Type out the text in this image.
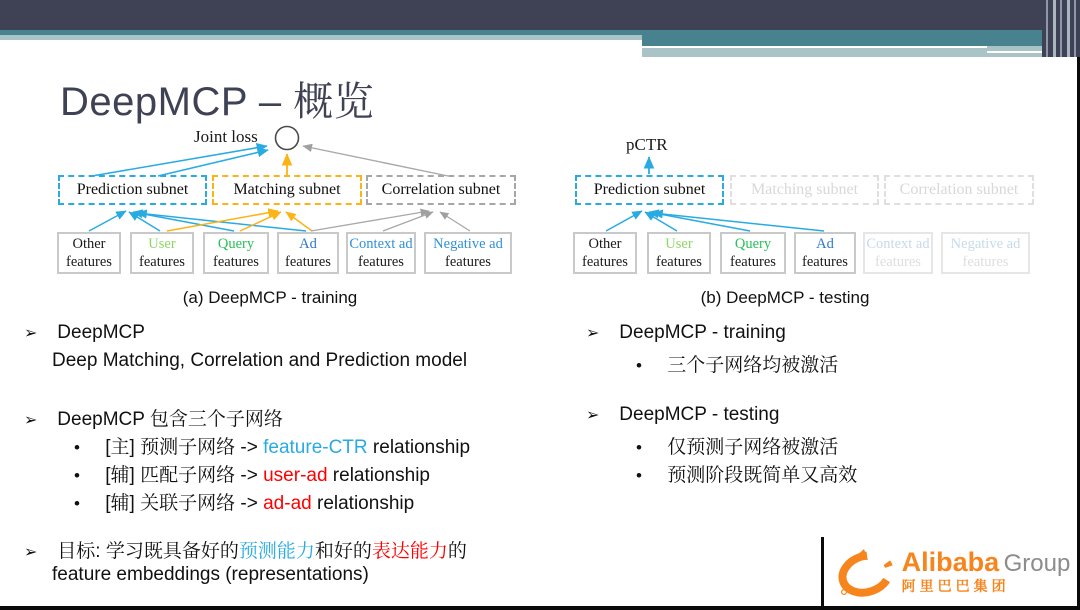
DeepMCP – 概览
Joint loss
Prediction subnet	Matching subnet	Correlation subnet
Other
features
User
features
Query
features
Ad
features
Context ad
features
Negative ad
features
(a) DeepMCP - training
pCTR
Prediction subnet	Matching subnet	Correlation subnet
Other
features
User
features
Query
features
Ad
features
Context ad
features
Negative ad
features
(b) DeepMCP - testing
➢ DeepMCP
Deep Matching, Correlation and Prediction model
➢ DeepMCP 包含三个子网络
• [主] 预测子网络 -> feature-CTR relationship
• [辅] 匹配子网络 -> user-ad relationship
• [辅] 关联子网络 -> ad-ad relationship
➢ 目标: 学习既具备好的预测能力和好的表达能力的
feature embeddings (representations)
➢ DeepMCP - training
• 三个子网络均被激活
➢ DeepMCP - testing
• 仅预测子网络被激活
• 预测阶段既简单又高效
Alibaba Group
阿里巴巴集团
